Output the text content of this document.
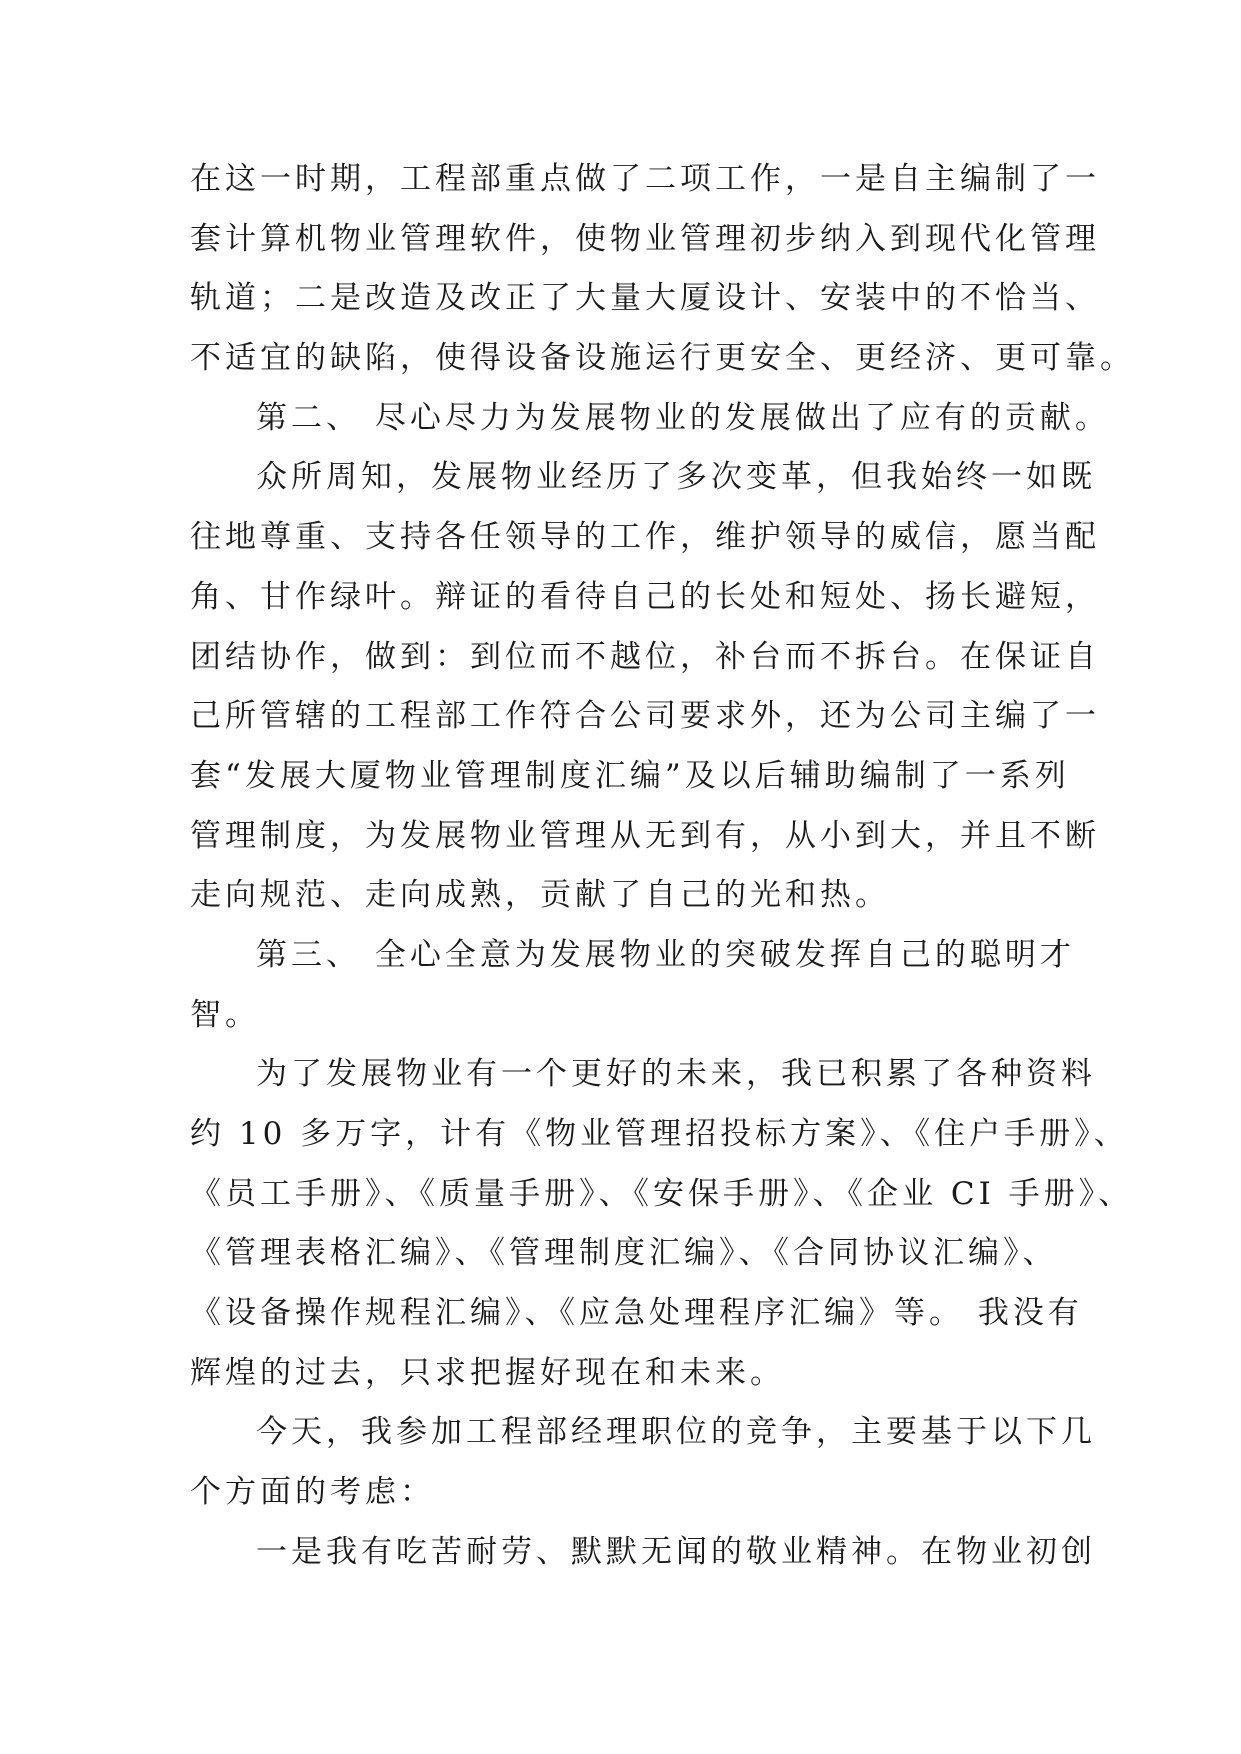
在这一时期，工程部重点做了二项工作，一是自主编制了一
套计算机物业管理软件，使物业管理初步纳入到现代化管理
轨道；二是改造及改正了大量大厦设计、安装中的不恰当、
不适宜的缺陷，使得设备设施运行更安全、更经济、更可靠。
第二、 尽心尽力为发展物业的发展做出了应有的贡献。
众所周知，发展物业经历了多次变革，但我始终一如既
往地尊重、支持各任领导的工作，维护领导的威信，愿当配
角、甘作绿叶。辩证的看待自己的长处和短处、扬长避短，
团结协作，做到：到位而不越位，补台而不拆台。在保证自
己所管辖的工程部工作符合公司要求外，还为公司主编了一
套“发展大厦物业管理制度汇编”及以后辅助编制了一系列
管理制度，为发展物业管理从无到有，从小到大，并且不断
走向规范、走向成熟，贡献了自己的光和热。
第三、 全心全意为发展物业的突破发挥自己的聪明才
智。
为了发展物业有一个更好的未来，我已积累了各种资料
约 10 多万字，计有《物业管理招投标方案》、《住户手册》、
《员工手册》、《质量手册》、《安保手册》、《企业 CI 手册》、
《管理表格汇编》、《管理制度汇编》、《合同协议汇编》、
《设备操作规程汇编》、《应急处理程序汇编》等。 我没有
辉煌的过去，只求把握好现在和未来。
今天，我参加工程部经理职位的竞争，主要基于以下几
个方面的考虑：
一是我有吃苦耐劳、默默无闻的敬业精神。在物业初创
